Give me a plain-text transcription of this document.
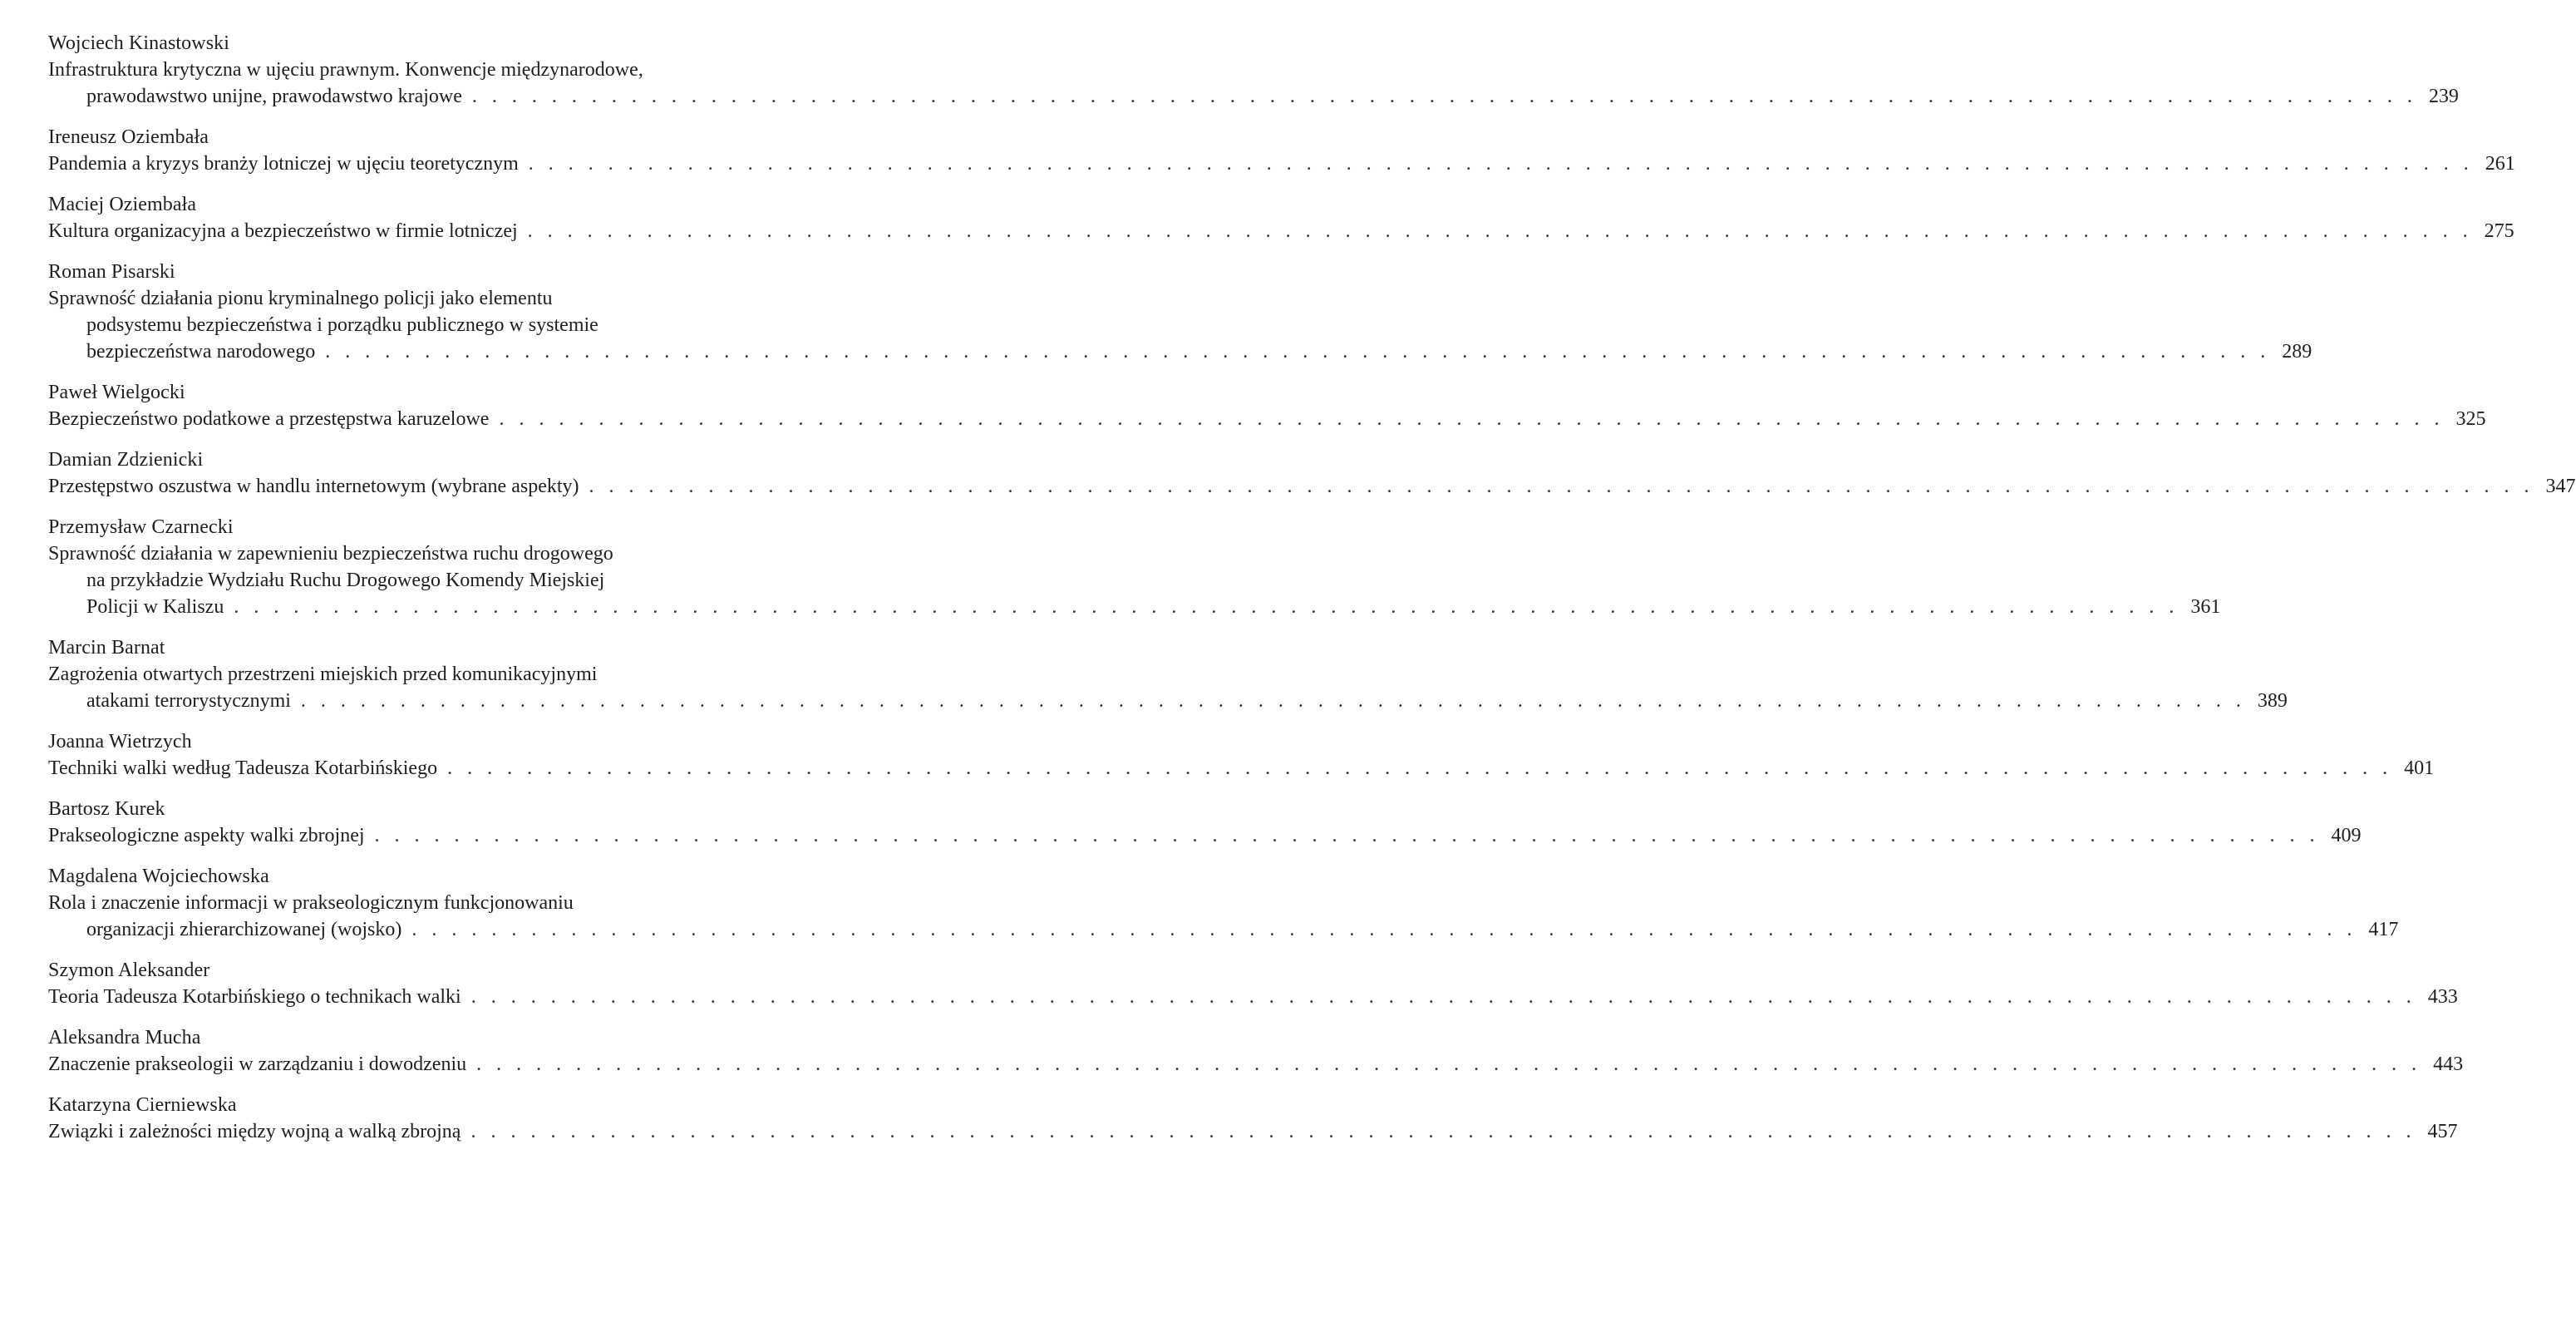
Wojciech Kinastowski
Infrastruktura krytyczna w ujęciu prawnym. Konwencje międzynarodowe,
prawodawstwo unijne, prawodawstwo krajowe . . . . . . . . . . . . . . . . . . . . . . . . . . . . . . . . . . . . . . . . . . . . . . . . . . . . . . . . . . . . . . . . . . . . . . . . . . . . . . . . . . . . . . . . . . . . . . . . . . 239
Ireneusz Oziembała
Pandemia a kryzys branży lotniczej w ujęciu teoretycznym . . . . . . . . . . . . . . . . . . . . . . . . . . . . . . . . . . . . . . . . . . . . . . . . . . . . . . . . . . . . . . . . . . . . . . . . . . . . . . . . . . . . . . . . . . . . . . . . . . 261
Maciej Oziembała
Kultura organizacyjna a bezpieczeństwo w firmie lotniczej . . . . . . . . . . . . . . . . . . . . . . . . . . . . . . . . . . . . . . . . . . . . . . . . . . . . . . . . . . . . . . . . . . . . . . . . . . . . . . . . . . . . . . . . . . . . . . . . . . 275
Roman Pisarski
Sprawność działania pionu kryminalnego policji jako elementu
podsystemu bezpieczeństwa i porządku publicznego w systemie
bezpieczeństwa narodowego . . . . . . . . . . . . . . . . . . . . . . . . . . . . . . . . . . . . . . . . . . . . . . . . . . . . . . . . . . . . . . . . . . . . . . . . . . . . . . . . . . . . . . . . . . . . . . . . . . 289
Paweł Wielgocki
Bezpieczeństwo podatkowe a przestępstwa karuzelowe . . . . . . . . . . . . . . . . . . . . . . . . . . . . . . . . . . . . . . . . . . . . . . . . . . . . . . . . . . . . . . . . . . . . . . . . . . . . . . . . . . . . . . . . . . . . . . . . . . 325
Damian Zdzienicki
Przestępstwo oszustwa w handlu internetowym (wybrane aspekty) . . . . . . . . . . . . . . . . . . . . . . . . . . . . . . . . . . . . . . . . . . . . . . . . . . . . . . . . . . . . . . . . . . . . . . . . . . . . . . . . . . . . . . . . . . . . . . . . . . 347
Przemysław Czarnecki
Sprawność działania w zapewnieniu bezpieczeństwa ruchu drogowego
na przykładzie Wydziału Ruchu Drogowego Komendy Miejskiej
Policji w Kaliszu . . . . . . . . . . . . . . . . . . . . . . . . . . . . . . . . . . . . . . . . . . . . . . . . . . . . . . . . . . . . . . . . . . . . . . . . . . . . . . . . . . . . . . . . . . . . . . . . . . 361
Marcin Barnat
Zagrożenia otwartych przestrzeni miejskich przed komunikacyjnymi
atakami terrorystycznymi . . . . . . . . . . . . . . . . . . . . . . . . . . . . . . . . . . . . . . . . . . . . . . . . . . . . . . . . . . . . . . . . . . . . . . . . . . . . . . . . . . . . . . . . . . . . . . . . . . 389
Joanna Wietrzych
Techniki walki według Tadeusza Kotarbińskiego . . . . . . . . . . . . . . . . . . . . . . . . . . . . . . . . . . . . . . . . . . . . . . . . . . . . . . . . . . . . . . . . . . . . . . . . . . . . . . . . . . . . . . . . . . . . . . . . . . 401
Bartosz Kurek
Prakseologiczne aspekty walki zbrojnej . . . . . . . . . . . . . . . . . . . . . . . . . . . . . . . . . . . . . . . . . . . . . . . . . . . . . . . . . . . . . . . . . . . . . . . . . . . . . . . . . . . . . . . . . . . . . . . . . . 409
Magdalena Wojciechowska
Rola i znaczenie informacji w prakseologicznym funkcjonowaniu
organizacji zhierarchizowanej (wojsko) . . . . . . . . . . . . . . . . . . . . . . . . . . . . . . . . . . . . . . . . . . . . . . . . . . . . . . . . . . . . . . . . . . . . . . . . . . . . . . . . . . . . . . . . . . . . . . . . . . 417
Szymon Aleksander
Teoria Tadeusza Kotarbińskiego o technikach walki . . . . . . . . . . . . . . . . . . . . . . . . . . . . . . . . . . . . . . . . . . . . . . . . . . . . . . . . . . . . . . . . . . . . . . . . . . . . . . . . . . . . . . . . . . . . . . . . . . 433
Aleksandra Mucha
Znaczenie prakseologii w zarządzaniu i dowodzeniu . . . . . . . . . . . . . . . . . . . . . . . . . . . . . . . . . . . . . . . . . . . . . . . . . . . . . . . . . . . . . . . . . . . . . . . . . . . . . . . . . . . . . . . . . . . . . . . . . . 443
Katarzyna Cierniewska
Związki i zależności między wojną a walką zbrojną . . . . . . . . . . . . . . . . . . . . . . . . . . . . . . . . . . . . . . . . . . . . . . . . . . . . . . . . . . . . . . . . . . . . . . . . . . . . . . . . . . . . . . . . . . . . . . . . . . 457
